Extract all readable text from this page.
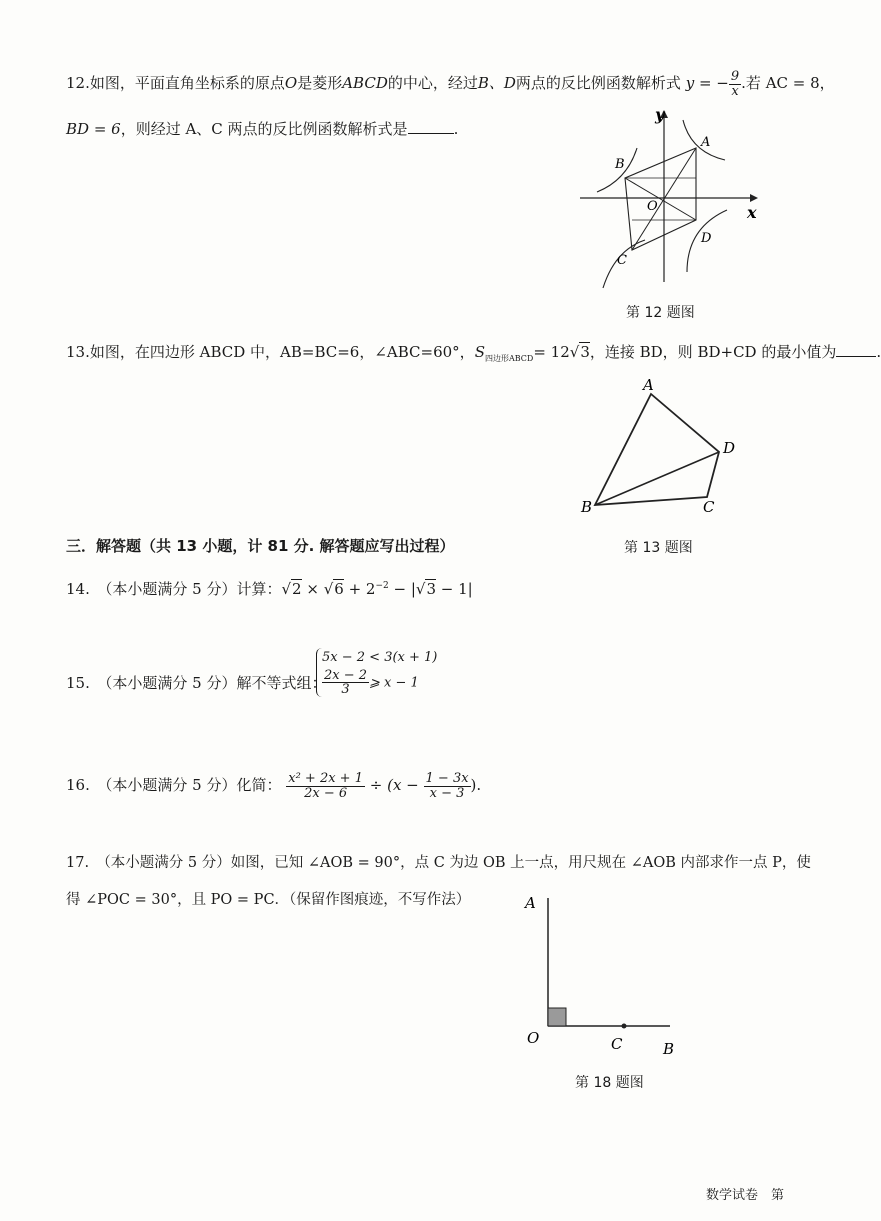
12.如图，平面直角坐标系的原点O是菱形ABCD的中心，经过B、D两点的反比例函数解析式 y = − $\frac{9}{x}$ .若 AC = 8，
BD = 6，则经过 A、C 两点的反比例函数解析式是	.
y
x
A
B
C
D
O
第 12 题图
13.如图，在四边形 ABCD 中，AB=BC=6，∠ABC=60°，$S_{四边形ABCD}= 12√3$，连接 BD，则 BD+CD 的最小值为	.
A
B	C
D
三．解答题（共 13 小题，计 81 分. 解答题应写出过程）	第 13 题图
14.　 （本小题满分 5 分）计算：$√2 \times √6 + 2^{-2} - |√3 - 1|$
15.　 （本小题满分 5 分）解不等式组：
5x − 2 < 3(x + 1)
$\frac{2x - 2}{3}$ ⩾ x − 1
16.　 （本小题满分 5 分）化简： $\frac{\text{x² + 2x + 1}}{2x - 6} \div (x - \frac{1 - 3x}{x - 3}$ ).
17.　 （本小题满分 5 分）如图，已知 ∠AOB = 90°，点 C 为边 OB 上一点，用尺规在 ∠AOB 内部求作一点 P，使
得 ∠POC = 30°，且 PO = PC．（保留作图痕迹，不写作法）	A
O	C	B
第 18 题图
数学试卷　第
